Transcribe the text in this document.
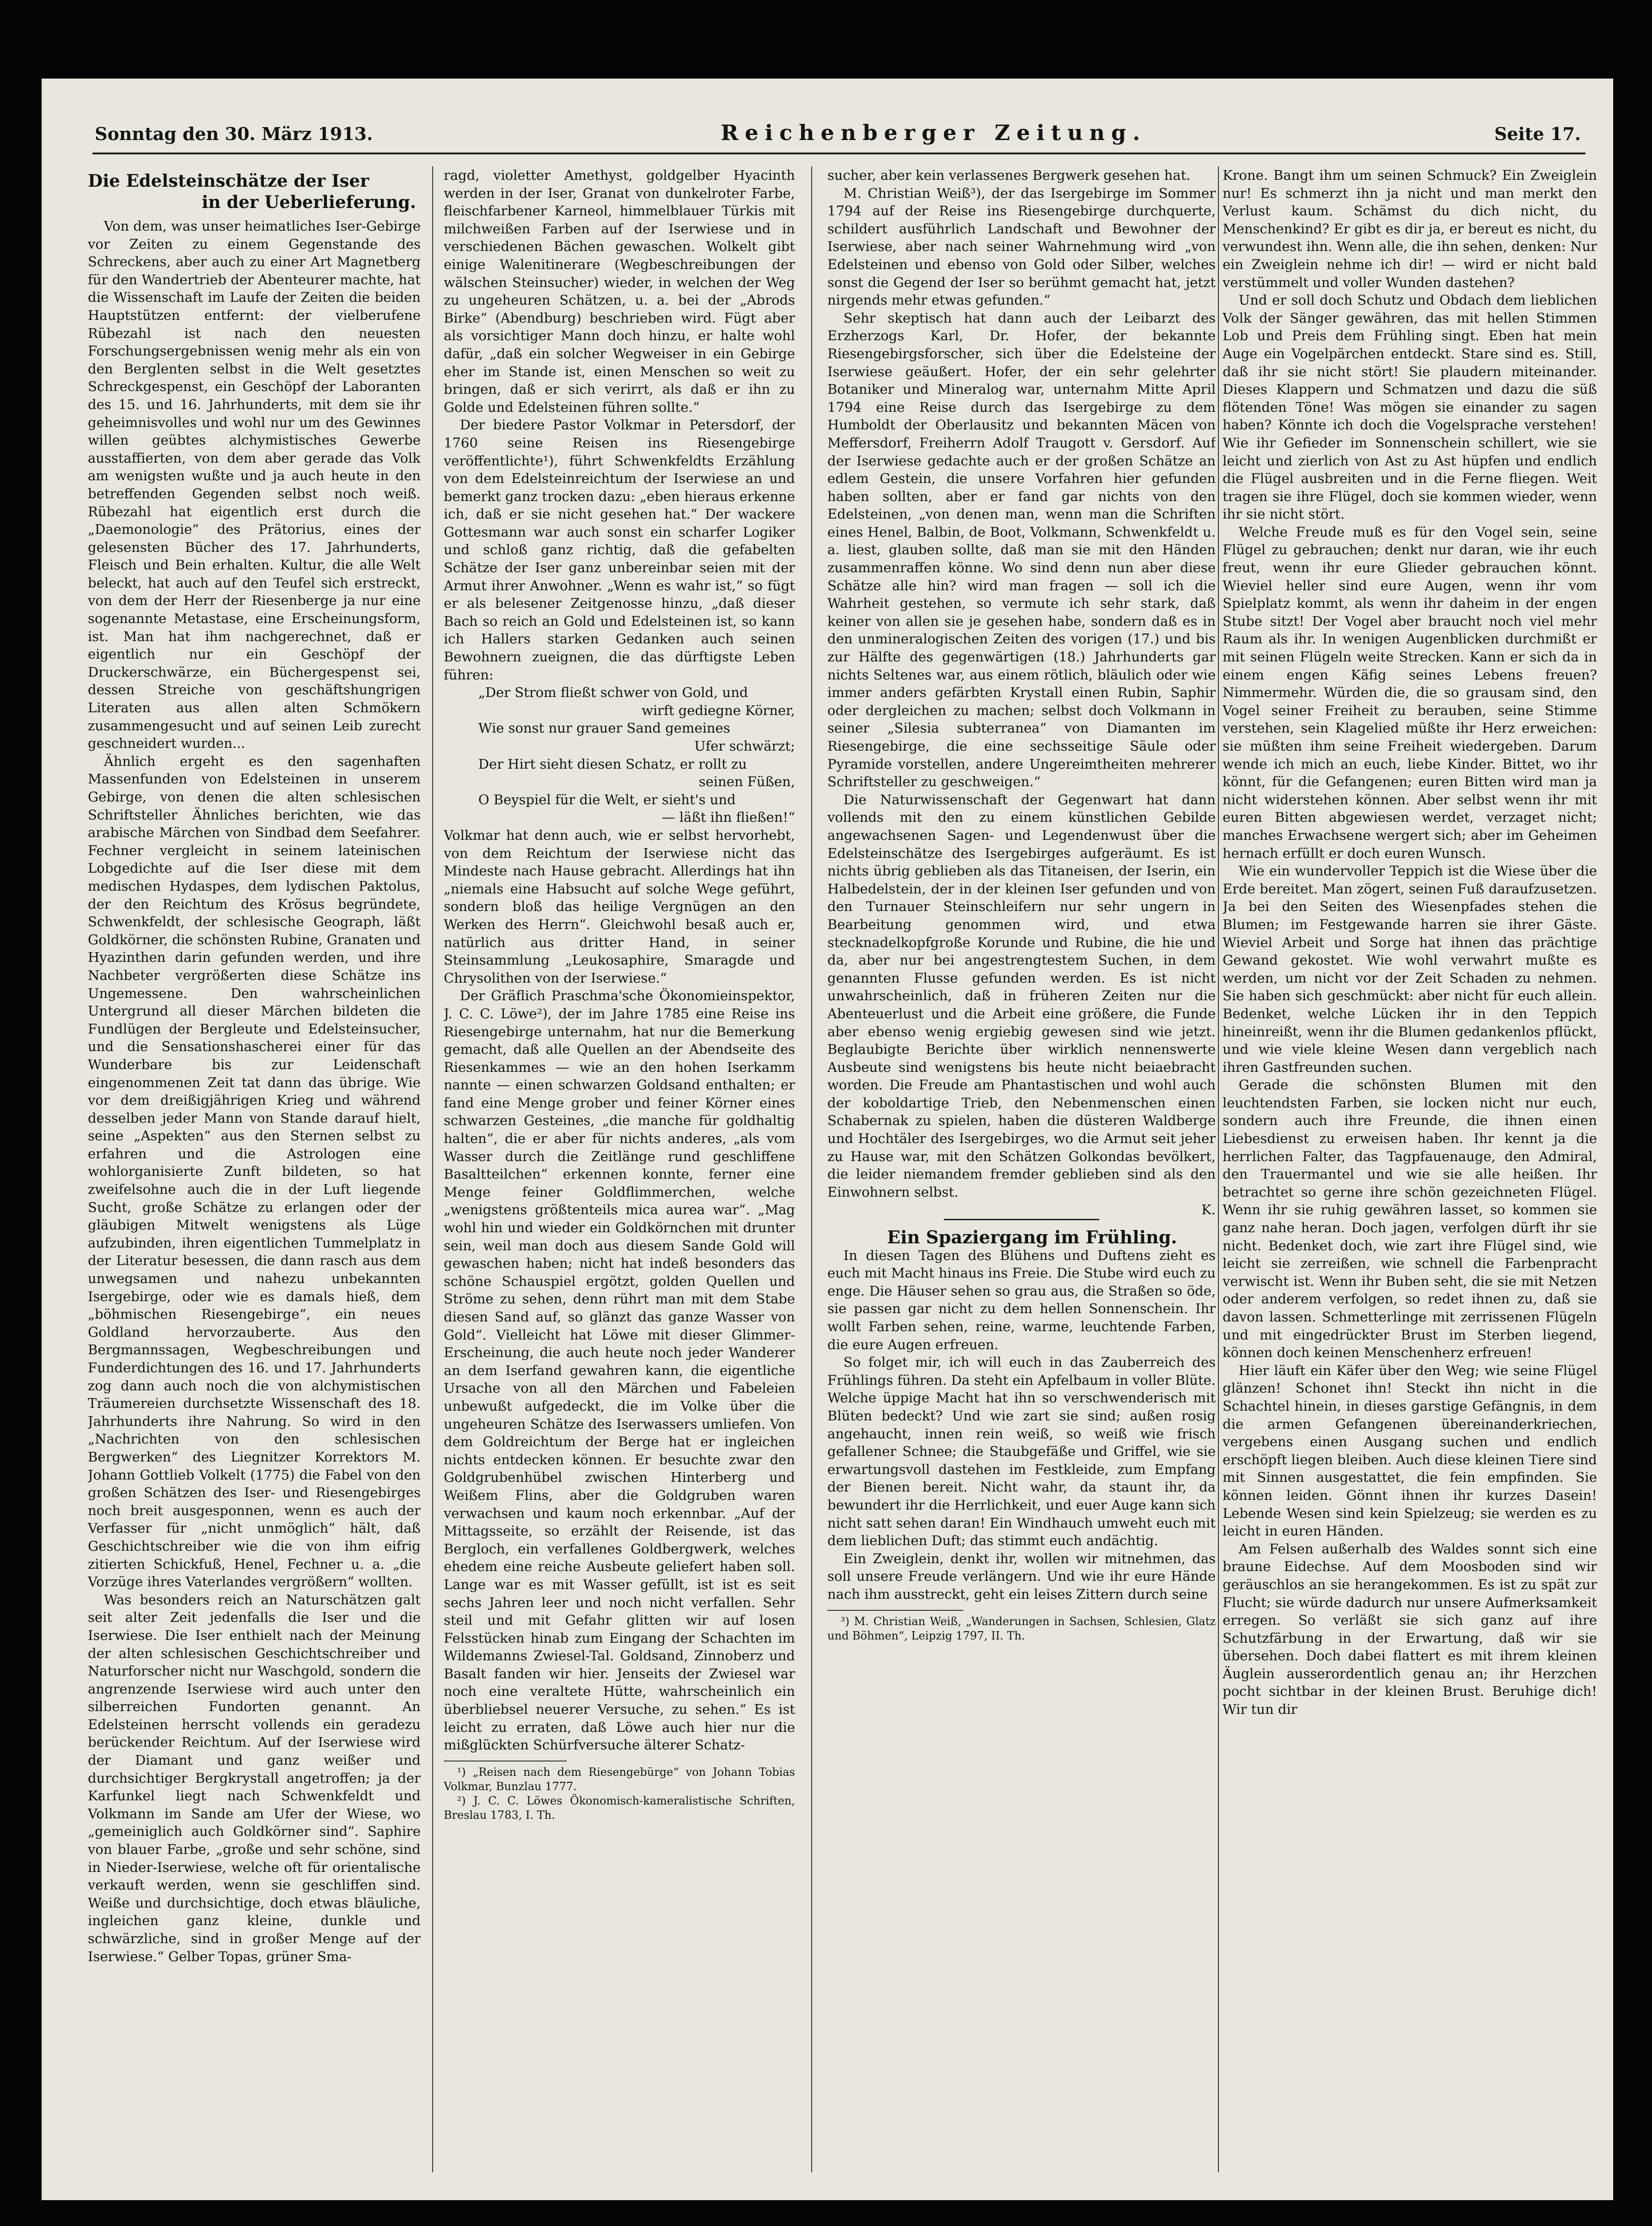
Sonntag den 30. März 1913.	Reichenberger Zeitung.	Seite 17.
Die Edelsteinschätze der Iser
in der Ueberlieferung.

Von dem, was unser heimatliches Iser-Gebirge vor Zeiten zu einem Gegenstande des Schreckens, aber auch zu einer Art Magnetberg für den Wandertrieb der Abenteurer machte, hat die Wissenschaft im Laufe der Zeiten die beiden Hauptstützen entfernt: der vielberufene Rübezahl ist nach den neuesten Forschungsergebnissen wenig mehr als ein von den Berglenten selbst in die Welt gesetztes Schreckgespenst, ein Geschöpf der Laboranten des 15. und 16. Jahrhunderts, mit dem sie ihr geheimnisvolles und wohl nur um des Gewinnes willen geübtes alchymistisches Gewerbe ausstaffierten, von dem aber gerade das Volk am wenigsten wußte und ja auch heute in den betreffenden Gegenden selbst noch weiß. Rübezahl hat eigentlich erst durch die „Daemonologie“ des Prätorius, eines der gelesensten Bücher des 17. Jahrhunderts, Fleisch und Bein erhalten. Kultur, die alle Welt beleckt, hat auch auf den Teufel sich erstreckt, von dem der Herr der Riesenberge ja nur eine sogenannte Metastase, eine Erscheinungsform, ist. Man hat ihm nachgerechnet, daß er eigentlich nur ein Geschöpf der Druckerschwärze, ein Büchergespenst sei, dessen Streiche von geschäftshungrigen Literaten aus allen alten Schmökern zusammengesucht und auf seinen Leib zurecht geschneidert wurden...

Ähnlich ergeht es den sagenhaften Massenfunden von Edelsteinen in unserem Gebirge, von denen die alten schlesischen Schriftsteller Ähnliches berichten, wie das arabische Märchen von Sindbad dem Seefahrer. Fechner vergleicht in seinem lateinischen Lobgedichte auf die Iser diese mit dem medischen Hydaspes, dem lydischen Paktolus, der den Reichtum des Krösus begründete, Schwenkfeldt, der schlesische Geograph, läßt Goldkörner, die schönsten Rubine, Granaten und Hyazinthen darin gefunden werden, und ihre Nachbeter vergrößerten diese Schätze ins Ungemessene. Den wahrscheinlichen Untergrund all dieser Märchen bildeten die Fundlügen der Bergleute und Edelsteinsucher, und die Sensationshascherei einer für das Wunderbare bis zur Leidenschaft eingenommenen Zeit tat dann das übrige. Wie vor dem dreißigjährigen Krieg und während desselben jeder Mann von Stande darauf hielt, seine „Aspekten“ aus den Sternen selbst zu erfahren und die Astrologen eine wohlorganisierte Zunft bildeten, so hat zweifelsohne auch die in der Luft liegende Sucht, große Schätze zu erlangen oder der gläubigen Mitwelt wenigstens als Lüge aufzubinden, ihren eigentlichen Tummelplatz in der Literatur besessen, die dann rasch aus dem unwegsamen und nahezu unbekannten Isergebirge, oder wie es damals hieß, dem „böhmischen Riesengebirge“, ein neues Goldland hervorzauberte. Aus den Bergmannssagen, Wegbeschreibungen und Funderdichtungen des 16. und 17. Jahrhunderts zog dann auch noch die von alchymistischen Träumereien durchsetzte Wissenschaft des 18. Jahrhunderts ihre Nahrung. So wird in den „Nachrichten von den schlesischen Bergwerken“ des Liegnitzer Korrektors M. Johann Gottlieb Volkelt (1775) die Fabel von den großen Schätzen des Iser- und Riesengebirges noch breit ausgesponnen, wenn es auch der Verfasser für „nicht unmöglich“ hält, daß Geschichtschreiber wie die von ihm eifrig zitierten Schickfuß, Henel, Fechner u. a. „die Vorzüge ihres Vaterlandes vergrößern“ wollten.

Was besonders reich an Naturschätzen galt seit alter Zeit jedenfalls die Iser und die Iserwiese. Die Iser enthielt nach der Meinung der alten schlesischen Geschichtschreiber und Naturforscher nicht nur Waschgold, sondern die angrenzende Iserwiese wird auch unter den silberreichen Fundorten genannt. An Edelsteinen herrscht vollends ein geradezu berückender Reichtum. Auf der Iserwiese wird der Diamant und ganz weißer und durchsichtiger Bergkrystall angetroffen; ja der Karfunkel liegt nach Schwenkfeldt und Volkmann im Sande am Ufer der Wiese, wo „gemeiniglich auch Goldkörner sind“. Saphire von blauer Farbe, „große und sehr schöne, sind in Nieder-Iserwiese, welche oft für orientalische verkauft werden, wenn sie geschliffen sind. Weiße und durchsichtige, doch etwas bläuliche, ingleichen ganz kleine, dunkle und schwärzliche, sind in großer Menge auf der Iserwiese.“ Gelber Topas, grüner Sma-

ragd, violetter Amethyst, goldgelber Hyacinth werden in der Iser, Granat von dunkelroter Farbe, fleischfarbener Karneol, himmelblauer Türkis mit milchweißen Farben auf der Iserwiese und in verschiedenen Bächen gewaschen. Wolkelt gibt einige Walenitinerare (Wegbeschreibungen der wälschen Steinsucher) wieder, in welchen der Weg zu ungeheuren Schätzen, u. a. bei der „Abrods Birke“ (Abendburg) beschrieben wird. Fügt aber als vorsichtiger Mann doch hinzu, er halte wohl dafür, „daß ein solcher Wegweiser in ein Gebirge eher im Stande ist, einen Menschen so weit zu bringen, daß er sich verirrt, als daß er ihn zu Golde und Edelsteinen führen sollte.“

Der biedere Pastor Volkmar in Petersdorf, der 1760 seine Reisen ins Riesengebirge veröffentlichte¹), führt Schwenkfeldts Erzählung von dem Edelsteinreichtum der Iserwiese an und bemerkt ganz trocken dazu: „eben hieraus erkenne ich, daß er sie nicht gesehen hat.“ Der wackere Gottesmann war auch sonst ein scharfer Logiker und schloß ganz richtig, daß die gefabelten Schätze der Iser ganz unbereinbar seien mit der Armut ihrer Anwohner. „Wenn es wahr ist,“ so fügt er als belesener Zeitgenosse hinzu, „daß dieser Bach so reich an Gold und Edelsteinen ist, so kann ich Hallers starken Gedanken auch seinen Bewohnern zueignen, die das dürftigste Leben führen:

„Der Strom fließt schwer von Gold, und

wirft gediegne Körner,

Wie sonst nur grauer Sand gemeines

Ufer schwärzt;

Der Hirt sieht diesen Schatz, er rollt zu

seinen Füßen,

O Beyspiel für die Welt, er sieht's und

— läßt ihn fließen!“

Volkmar hat denn auch, wie er selbst hervorhebt, von dem Reichtum der Iserwiese nicht das Mindeste nach Hause gebracht. Allerdings hat ihn „niemals eine Habsucht auf solche Wege geführt, sondern bloß das heilige Vergnügen an den Werken des Herrn“. Gleichwohl besaß auch er, natürlich aus dritter Hand, in seiner Steinsammlung „Leukosaphire, Smaragde und Chrysolithen von der Iserwiese.“

Der Gräflich Praschma'sche Ökonomieinspektor, J. C. C. Löwe²), der im Jahre 1785 eine Reise ins Riesengebirge unternahm, hat nur die Bemerkung gemacht, daß alle Quellen an der Abendseite des Riesenkammes — wie an den hohen Iserkamm nannte — einen schwarzen Goldsand enthalten; er fand eine Menge grober und feiner Körner eines schwarzen Gesteines, „die manche für goldhaltig halten“, die er aber für nichts anderes, „als vom Wasser durch die Zeitlänge rund geschliffene Basaltteilchen“ erkennen konnte, ferner eine Menge feiner Goldflimmerchen, welche „wenigstens größtenteils mica aurea war“. „Mag wohl hin und wieder ein Goldkörnchen mit drunter sein, weil man doch aus diesem Sande Gold will gewaschen haben; nicht hat indeß besonders das schöne Schauspiel ergötzt, golden Quellen und Ströme zu sehen, denn rührt man mit dem Stabe diesen Sand auf, so glänzt das ganze Wasser von Gold“. Vielleicht hat Löwe mit dieser Glimmer-Erscheinung, die auch heute noch jeder Wanderer an dem Iserfand gewahren kann, die eigentliche Ursache von all den Märchen und Fabeleien unbewußt aufgedeckt, die im Volke über die ungeheuren Schätze des Iserwassers umliefen. Von dem Goldreichtum der Berge hat er ingleichen nichts entdecken können. Er besuchte zwar den Goldgrubenhübel zwischen Hinterberg und Weißem Flins, aber die Goldgruben waren verwachsen und kaum noch erkennbar. „Auf der Mittagsseite, so erzählt der Reisende, ist das Bergloch, ein verfallenes Goldbergwerk, welches ehedem eine reiche Ausbeute geliefert haben soll. Lange war es mit Wasser gefüllt, ist ist es seit sechs Jahren leer und noch nicht verfallen. Sehr steil und mit Gefahr glitten wir auf losen Felsstücken hinab zum Eingang der Schachten im Wildemanns Zwiesel-Tal. Goldsand, Zinnoberz und Basalt fanden wir hier. Jenseits der Zwiesel war noch eine veraltete Hütte, wahrscheinlich ein überbliebsel neuerer Versuche, zu sehen.“ Es ist leicht zu erraten, daß Löwe auch hier nur die mißglückten Schürfversuche älterer Schatz-

¹) „Reisen nach dem Riesengebürge“ von Johann Tobias Volkmar, Bunzlau 1777.

²) J. C. C. Löwes Ökonomisch-kameralistische Schriften, Breslau 1783, I. Th.

sucher, aber kein verlassenes Bergwerk gesehen hat.

M. Christian Weiß³), der das Isergebirge im Sommer 1794 auf der Reise ins Riesengebirge durchquerte, schildert ausführlich Landschaft und Bewohner der Iserwiese, aber nach seiner Wahrnehmung wird „von Edelsteinen und ebenso von Gold oder Silber, welches sonst die Gegend der Iser so berühmt gemacht hat, jetzt nirgends mehr etwas gefunden.“

Sehr skeptisch hat dann auch der Leibarzt des Erzherzogs Karl, Dr. Hofer, der bekannte Riesengebirgsforscher, sich über die Edelsteine der Iserwiese geäußert. Hofer, der ein sehr gelehrter Botaniker und Mineralog war, unternahm Mitte April 1794 eine Reise durch das Isergebirge zu dem Humboldt der Oberlausitz und bekannten Mäcen von Meffersdorf, Freiherrn Adolf Traugott v. Gersdorf. Auf der Iserwiese gedachte auch er der großen Schätze an edlem Gestein, die unsere Vorfahren hier gefunden haben sollten, aber er fand gar nichts von den Edelsteinen, „von denen man, wenn man die Schriften eines Henel, Balbin, de Boot, Volkmann, Schwenkfeldt u. a. liest, glauben sollte, daß man sie mit den Händen zusammenraffen könne. Wo sind denn nun aber diese Schätze alle hin? wird man fragen — soll ich die Wahrheit gestehen, so vermute ich sehr stark, daß keiner von allen sie je gesehen habe, sondern daß es in den unmineralogischen Zeiten des vorigen (17.) und bis zur Hälfte des gegenwärtigen (18.) Jahrhunderts gar nichts Seltenes war, aus einem rötlich, bläulich oder wie immer anders gefärbten Krystall einen Rubin, Saphir oder dergleichen zu machen; selbst doch Volkmann in seiner „Silesia subterranea“ von Diamanten im Riesengebirge, die eine sechsseitige Säule oder Pyramide vorstellen, andere Ungereimtheiten mehrerer Schriftsteller zu geschweigen.“

Die Naturwissenschaft der Gegenwart hat dann vollends mit den zu einem künstlichen Gebilde angewachsenen Sagen- und Legendenwust über die Edelsteinschätze des Isergebirges aufgeräumt. Es ist nichts übrig geblieben als das Titaneisen, der Iserin, ein Halbedelstein, der in der kleinen Iser gefunden und von den Turnauer Steinschleifern nur sehr ungern in Bearbeitung genommen wird, und etwa stecknadelkopfgroße Korunde und Rubine, die hie und da, aber nur bei angestrengtestem Suchen, in dem genannten Flusse gefunden werden. Es ist nicht unwahrscheinlich, daß in früheren Zeiten nur die Abenteuerlust und die Arbeit eine größere, die Funde aber ebenso wenig ergiebig gewesen sind wie jetzt. Beglaubigte Berichte über wirklich nennenswerte Ausbeute sind wenigstens bis heute nicht beiaebracht worden. Die Freude am Phantastischen und wohl auch der koboldartige Trieb, den Nebenmenschen einen Schabernak zu spielen, haben die düsteren Waldberge und Hochtäler des Isergebirges, wo die Armut seit jeher zu Hause war, mit den Schätzen Golkondas bevölkert, die leider niemandem fremder geblieben sind als den Einwohnern selbst.

K.

Ein Spaziergang im Frühling.

In diesen Tagen des Blühens und Duftens zieht es euch mit Macht hinaus ins Freie. Die Stube wird euch zu enge. Die Häuser sehen so grau aus, die Straßen so öde, sie passen gar nicht zu dem hellen Sonnenschein. Ihr wollt Farben sehen, reine, warme, leuchtende Farben, die eure Augen erfreuen.

So folget mir, ich will euch in das Zauberreich des Frühlings führen. Da steht ein Apfelbaum in voller Blüte. Welche üppige Macht hat ihn so verschwenderisch mit Blüten bedeckt? Und wie zart sie sind; außen rosig angehaucht, innen rein weiß, so weiß wie frisch gefallener Schnee; die Staubgefäße und Griffel, wie sie erwartungsvoll dastehen im Festkleide, zum Empfang der Bienen bereit. Nicht wahr, da staunt ihr, da bewundert ihr die Herrlichkeit, und euer Auge kann sich nicht satt sehen daran! Ein Windhauch umweht euch mit dem lieblichen Duft; das stimmt euch andächtig.

Ein Zweiglein, denkt ihr, wollen wir mitnehmen, das soll unsere Freude verlängern. Und wie ihr eure Hände nach ihm ausstreckt, geht ein leises Zittern durch seine

³) M. Christian Weiß, „Wanderungen in Sachsen, Schlesien, Glatz und Böhmen“, Leipzig 1797, II. Th.

Krone. Bangt ihm um seinen Schmuck? Ein Zweiglein nur! Es schmerzt ihn ja nicht und man merkt den Verlust kaum. Schämst du dich nicht, du Menschenkind? Er gibt es dir ja, er bereut es nicht, du verwundest ihn. Wenn alle, die ihn sehen, denken: Nur ein Zweiglein nehme ich dir! — wird er nicht bald verstümmelt und voller Wunden dastehen?

Und er soll doch Schutz und Obdach dem lieblichen Volk der Sänger gewähren, das mit hellen Stimmen Lob und Preis dem Frühling singt. Eben hat mein Auge ein Vogelpärchen entdeckt. Stare sind es. Still, daß ihr sie nicht stört! Sie plaudern miteinander. Dieses Klappern und Schmatzen und dazu die süß flötenden Töne! Was mögen sie einander zu sagen haben? Könnte ich doch die Vogelsprache verstehen! Wie ihr Gefieder im Sonnenschein schillert, wie sie leicht und zierlich von Ast zu Ast hüpfen und endlich die Flügel ausbreiten und in die Ferne fliegen. Weit tragen sie ihre Flügel, doch sie kommen wieder, wenn ihr sie nicht stört.

Welche Freude muß es für den Vogel sein, seine Flügel zu gebrauchen; denkt nur daran, wie ihr euch freut, wenn ihr eure Glieder gebrauchen könnt. Wieviel heller sind eure Augen, wenn ihr vom Spielplatz kommt, als wenn ihr daheim in der engen Stube sitzt! Der Vogel aber braucht noch viel mehr Raum als ihr. In wenigen Augenblicken durchmißt er mit seinen Flügeln weite Strecken. Kann er sich da in einem engen Käfig seines Lebens freuen? Nimmermehr. Würden die, die so grausam sind, den Vogel seiner Freiheit zu berauben, seine Stimme verstehen, sein Klagelied müßte ihr Herz erweichen: sie müßten ihm seine Freiheit wiedergeben. Darum wende ich mich an euch, liebe Kinder. Bittet, wo ihr könnt, für die Gefangenen; euren Bitten wird man ja nicht widerstehen können. Aber selbst wenn ihr mit euren Bitten abgewiesen werdet, verzaget nicht; manches Erwachsene wergert sich; aber im Geheimen hernach erfüllt er doch euren Wunsch.

Wie ein wundervoller Teppich ist die Wiese über die Erde bereitet. Man zögert, seinen Fuß daraufzusetzen. Ja bei den Seiten des Wiesenpfades stehen die Blumen; im Festgewande harren sie ihrer Gäste. Wieviel Arbeit und Sorge hat ihnen das prächtige Gewand gekostet. Wie wohl verwahrt mußte es werden, um nicht vor der Zeit Schaden zu nehmen. Sie haben sich geschmückt: aber nicht für euch allein. Bedenket, welche Lücken ihr in den Teppich hineinreißt, wenn ihr die Blumen gedankenlos pflückt, und wie viele kleine Wesen dann vergeblich nach ihren Gastfreunden suchen.

Gerade die schönsten Blumen mit den leuchtendsten Farben, sie locken nicht nur euch, sondern auch ihre Freunde, die ihnen einen Liebesdienst zu erweisen haben. Ihr kennt ja die herrlichen Falter, das Tagpfauenauge, den Admiral, den Trauermantel und wie sie alle heißen. Ihr betrachtet so gerne ihre schön gezeichneten Flügel. Wenn ihr sie ruhig gewähren lasset, so kommen sie ganz nahe heran. Doch jagen, verfolgen dürft ihr sie nicht. Bedenket doch, wie zart ihre Flügel sind, wie leicht sie zerreißen, wie schnell die Farbenpracht verwischt ist. Wenn ihr Buben seht, die sie mit Netzen oder anderem verfolgen, so redet ihnen zu, daß sie davon lassen. Schmetterlinge mit zerrissenen Flügeln und mit eingedrückter Brust im Sterben liegend, können doch keinen Menschenherz erfreuen!

Hier läuft ein Käfer über den Weg; wie seine Flügel glänzen! Schonet ihn! Steckt ihn nicht in die Schachtel hinein, in dieses garstige Gefängnis, in dem die armen Gefangenen übereinanderkriechen, vergebens einen Ausgang suchen und endlich erschöpft liegen bleiben. Auch diese kleinen Tiere sind mit Sinnen ausgestattet, die fein empfinden. Sie können leiden. Gönnt ihnen ihr kurzes Dasein! Lebende Wesen sind kein Spielzeug; sie werden es zu leicht in euren Händen.

Am Felsen außerhalb des Waldes sonnt sich eine braune Eidechse. Auf dem Moosboden sind wir geräuschlos an sie herangekommen. Es ist zu spät zur Flucht; sie würde dadurch nur unsere Aufmerksamkeit erregen. So verläßt sie sich ganz auf ihre Schutzfärbung in der Erwartung, daß wir sie übersehen. Doch dabei flattert es mit ihrem kleinen Äuglein ausserordentlich genau an; ihr Herzchen pocht sichtbar in der kleinen Brust. Beruhige dich! Wir tun dir
